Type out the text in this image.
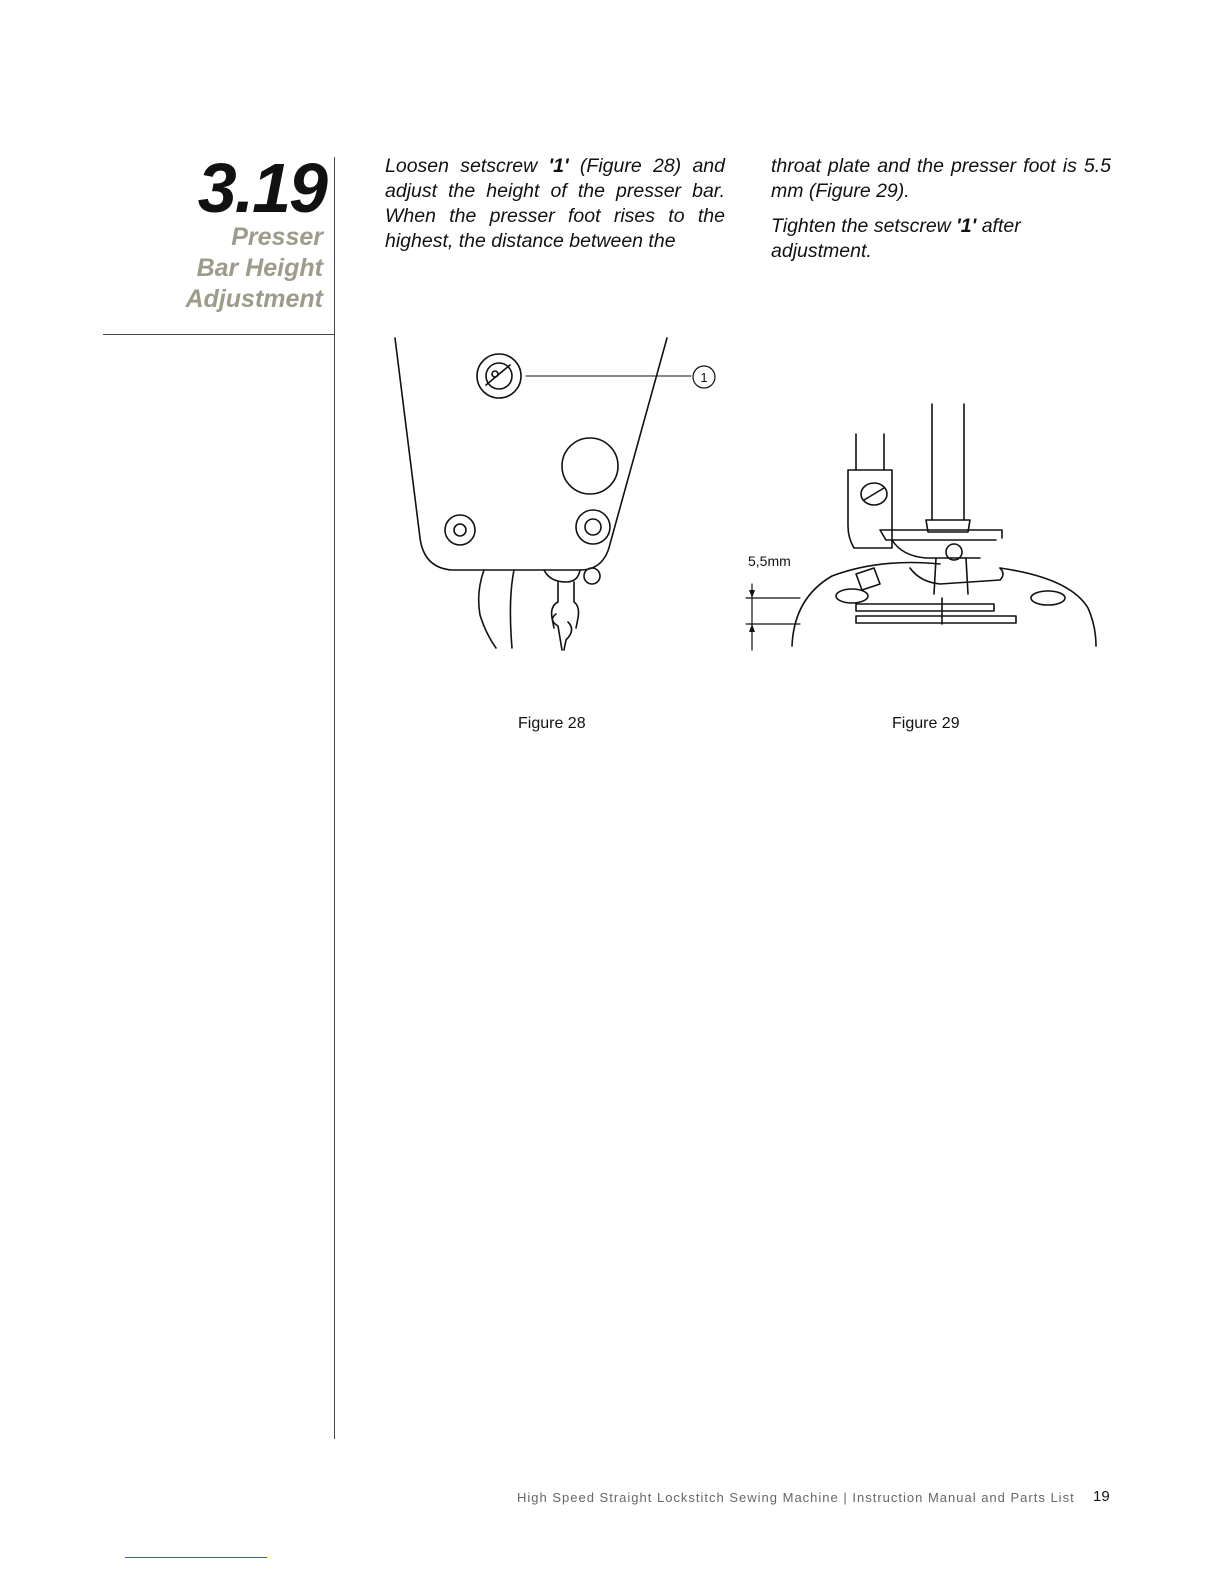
3.19
Presser
Bar Height
Adjustment

Loosen setscrew '1' (Figure 28) and adjust the height of the presser bar. When the presser foot rises to the highest, the distance between the

throat plate and the presser foot is 5.5 mm (Figure 29).

Tighten the setscrew '1' after adjustment.

1
5,5mm

Figure 28	Figure 29

High Speed Straight Lockstitch Sewing Machine | Instruction Manual and Parts List 19
